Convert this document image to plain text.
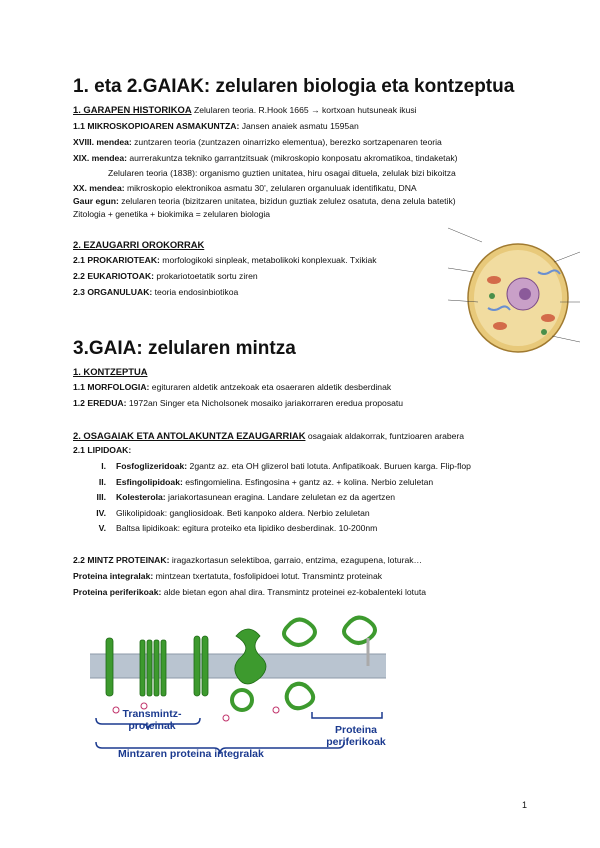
1. eta 2.GAIAK: zelularen biologia eta kontzeptua
1. GARAPEN HISTORIKOA Zelularen teoria. R.Hook 1665 → kortxoan hutsuneak ikusi
1.1 MIKROSKOPIOAREN ASMAKUNTZA: Jansen anaiek asmatu 1595an
XVIII. mendea: zuntzaren teoria (zuntzazen oinarrizko elementua), berezko sortzapenaren teoria
XIX. mendea: aurrerakuntza tekniko garrantzitsuak (mikroskopio konposatu akromatikoa, tindaketak)
Zelularen teoria (1838): organismo guztien unitatea, hiru osagai dituela, zelulak bizi bikoitza
XX. mendea: mikroskopio elektronikoa asmatu 30', zelularen organuluak identifikatu, DNA
Gaur egun: zelularen teoria (bizitzaren unitatea, bizidun guztiak zelulez osatuta, dena zelula batetik)
Zitologia + genetika + biokimika = zelularen biologia
2. EZAUGARRI OROKORRAK
2.1 PROKARIOTEAK: morfologikoki sinpleak, metabolikoki konplexuak. Txikiak
2.2 EUKARIOTOAK: prokariotoetatik sortu ziren
2.3 ORGANULUAK: teoria endosinbiotikoa
3.GAIA: zelularen mintza
1. KONTZEPTUA
1.1 MORFOLOGIA: egituraren aldetik antzekoak eta osaeraren aldetik desberdinak
1.2 EREDUA: 1972an Singer eta Nicholsonek mosaiko jariakorraren eredua proposatu
2. OSAGAIAK ETA ANTOLAKUNTZA EZAUGARRIAK osagaiak aldakorrak, funtzioaren arabera
2.1 LIPIDOAK:
I. Fosfoglizeridoak: 2gantz az. eta OH glizerol bati lotuta. Anfipatikoak. Buruen karga. Flip-flop
II. Esfingolipidoak: esfingomielina. Esfingosina + gantz az. + kolina. Nerbio zeluletan
III. Kolesterola: jariakortasunean eragina. Landare zeluletan ez da agertzen
IV. Glikolipidoak: gangliosidoak. Beti kanpoko aldera. Nerbio zeluletan
V. Baltsa lipidikoak: egitura proteiko eta lipidiko desberdinak. 10-200nm
2.2 MINTZ PROTEINAK: iragazkortasun selektiboa, garraio, entzima, ezagupena, loturak…
Proteina integralak: mintzean txertatuta, fosfolipidoei lotut. Transmintz proteinak
Proteina periferikoak: alde bietan egon ahal dira. Transmintz proteinei ez-kobalenteki lotuta
Transmintz-
proteinak
Mintzaren proteina integralak
Proteina
periferikoak
1
